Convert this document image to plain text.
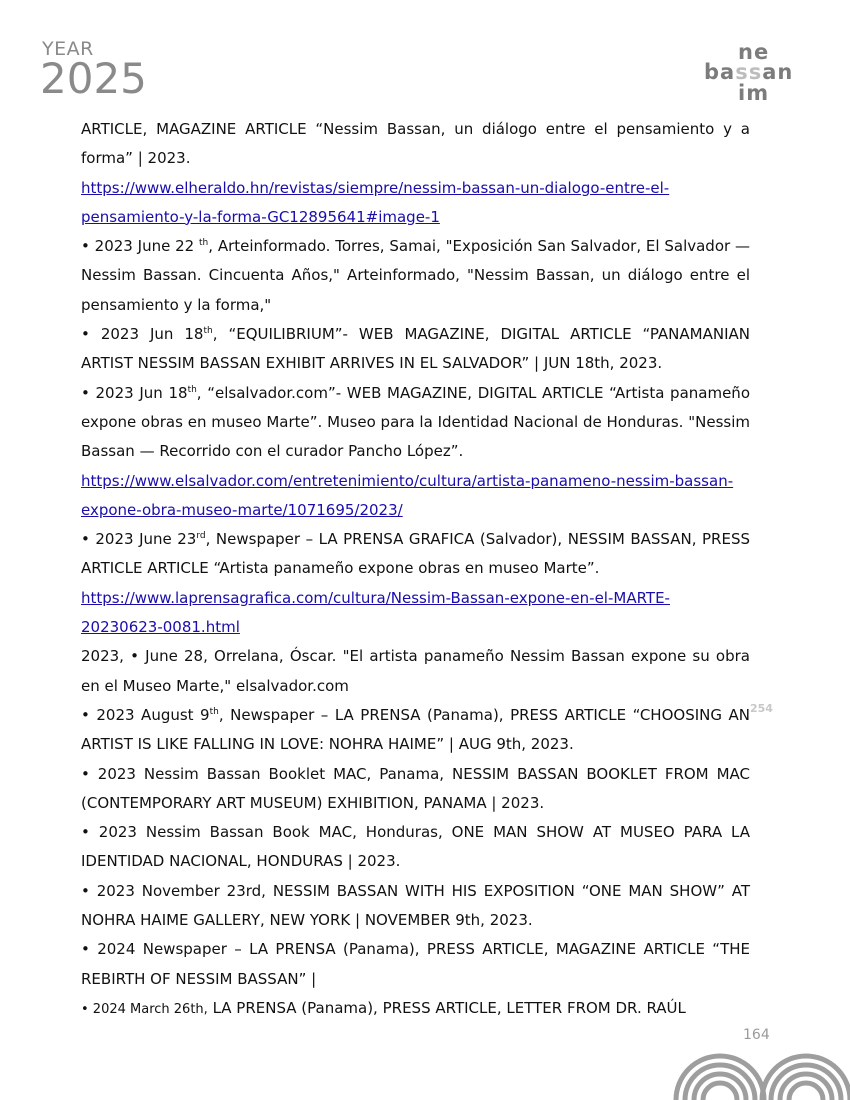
YEAR
2025
ne
bassan
im

ARTICLE, MAGAZINE ARTICLE “Nessim Bassan, un diálogo entre el pensamiento y a forma” | 2023.

https://www.elheraldo.hn/revistas/siempre/nessim-bassan-un-dialogo-entre-el-pensamiento-y-la-forma-GC12895641#image-1

• 2023 June 22 $^{th}$, Arteinformado. Torres, Samai, "Exposición San Salvador, El Salvador — Nessim Bassan. Cincuenta Años," Arteinformado, "Nessim Bassan, un diálogo entre el pensamiento y la forma,"

• 2023 Jun 18th, “EQUILIBRIUM”- WEB MAGAZINE, DIGITAL ARTICLE “PANAMANIAN ARTIST NESSIM BASSAN EXHIBIT ARRIVES IN EL SALVADOR” | JUN 18th, 2023.

• 2023 Jun 18th, “elsalvador.com”- WEB MAGAZINE, DIGITAL ARTICLE “Artista panameño expone obras en museo Marte”. Museo para la Identidad Nacional de Honduras. "Nessim Bassan — Recorrido con el curador Pancho López”.

https://www.elsalvador.com/entretenimiento/cultura/artista-panameno-nessim-bassan-expone-obra-museo-marte/1071695/2023/

• 2023 June 23rd, Newspaper – LA PRENSA GRAFICA (Salvador), NESSIM BASSAN, PRESS ARTICLE ARTICLE “Artista panameño expone obras en museo Marte”.

https://www.laprensagrafica.com/cultura/Nessim-Bassan-expone-en-el-MARTE-20230623-0081.html

2023, • June 28, Orrelana, Óscar. "El artista panameño Nessim Bassan expone su obra en el Museo Marte," elsalvador.com

• 2023 August 9th, Newspaper – LA PRENSA (Panama), PRESS ARTICLE “CHOOSING AN ARTIST IS LIKE FALLING IN LOVE: NOHRA HAIME” | AUG 9th, 2023.

• 2023 Nessim Bassan Booklet MAC, Panama, NESSIM BASSAN BOOKLET FROM MAC (CONTEMPORARY ART MUSEUM) EXHIBITION, PANAMA | 2023.

• 2023 Nessim Bassan Book MAC, Honduras, ONE MAN SHOW AT MUSEO PARA LA IDENTIDAD NACIONAL, HONDURAS | 2023.

• 2023 November 23rd, NESSIM BASSAN WITH HIS EXPOSITION “ONE MAN SHOW” AT NOHRA HAIME GALLERY, NEW YORK | NOVEMBER 9th, 2023.

• 2024 Newspaper – LA PRENSA (Panama), PRESS ARTICLE, MAGAZINE ARTICLE “THE REBIRTH OF NESSIM BASSAN” |

• 2024 March 26th, LA PRENSA (Panama), PRESS ARTICLE, LETTER FROM DR. RAÚL

254
164
